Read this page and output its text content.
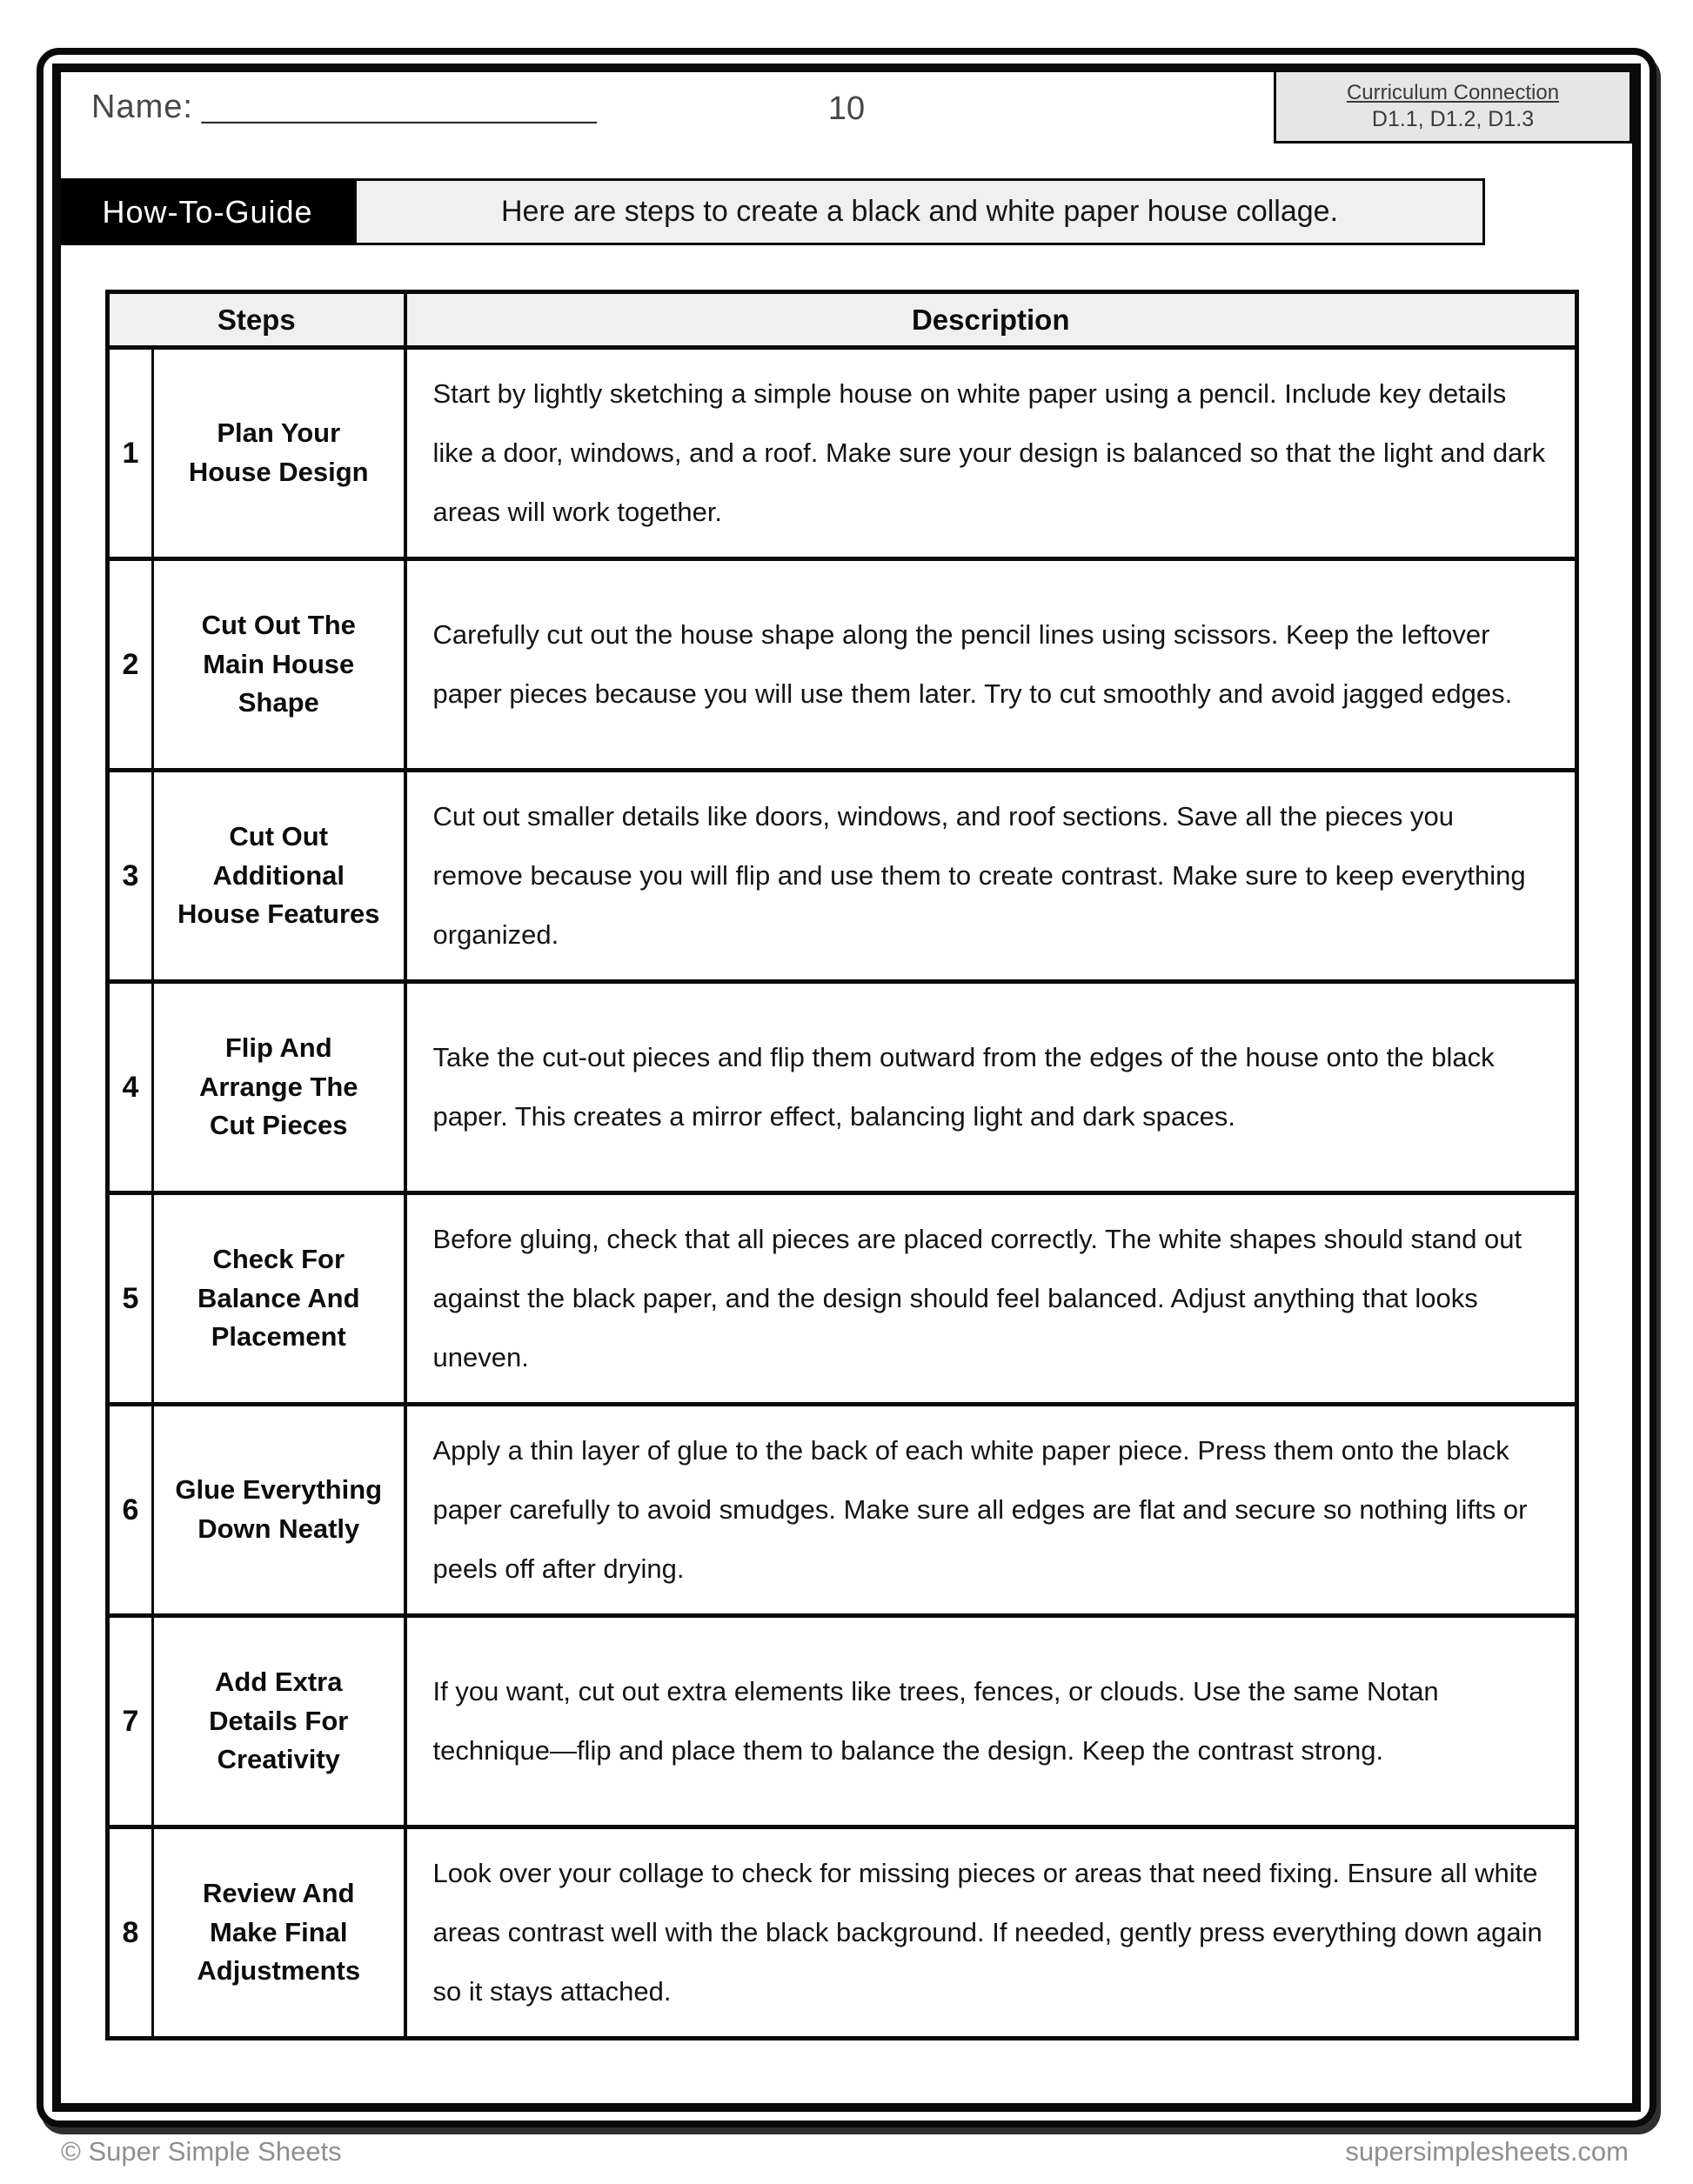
Name: ________________________	10	Curriculum Connection
D1.1, D1.2, D1.3
How-To-Guide	Here are steps to create a black and white paper house collage.
Steps		Description
1	Plan Your House Design	Start by lightly sketching a simple house on white paper using a pencil. Include key details like a door, windows, and a roof. Make sure your design is balanced so that the light and dark areas will work together.
2	Cut Out The Main House Shape	Carefully cut out the house shape along the pencil lines using scissors. Keep the leftover paper pieces because you will use them later. Try to cut smoothly and avoid jagged edges.
3	Cut Out Additional House Features	Cut out smaller details like doors, windows, and roof sections. Save all the pieces you remove because you will flip and use them to create contrast. Make sure to keep everything organized.
4	Flip And Arrange The Cut Pieces	Take the cut-out pieces and flip them outward from the edges of the house onto the black paper. This creates a mirror effect, balancing light and dark spaces.
5	Check For Balance And Placement	Before gluing, check that all pieces are placed correctly. The white shapes should stand out against the black paper, and the design should feel balanced. Adjust anything that looks uneven.
6	Glue Everything Down Neatly	Apply a thin layer of glue to the back of each white paper piece. Press them onto the black paper carefully to avoid smudges. Make sure all edges are flat and secure so nothing lifts or peels off after drying.
7	Add Extra Details For Creativity	If you want, cut out extra elements like trees, fences, or clouds. Use the same Notan technique—flip and place them to balance the design. Keep the contrast strong.
8	Review And Make Final Adjustments	Look over your collage to check for missing pieces or areas that need fixing. Ensure all white areas contrast well with the black background. If needed, gently press everything down again so it stays attached.
© Super Simple Sheets	supersimplesheets.com
